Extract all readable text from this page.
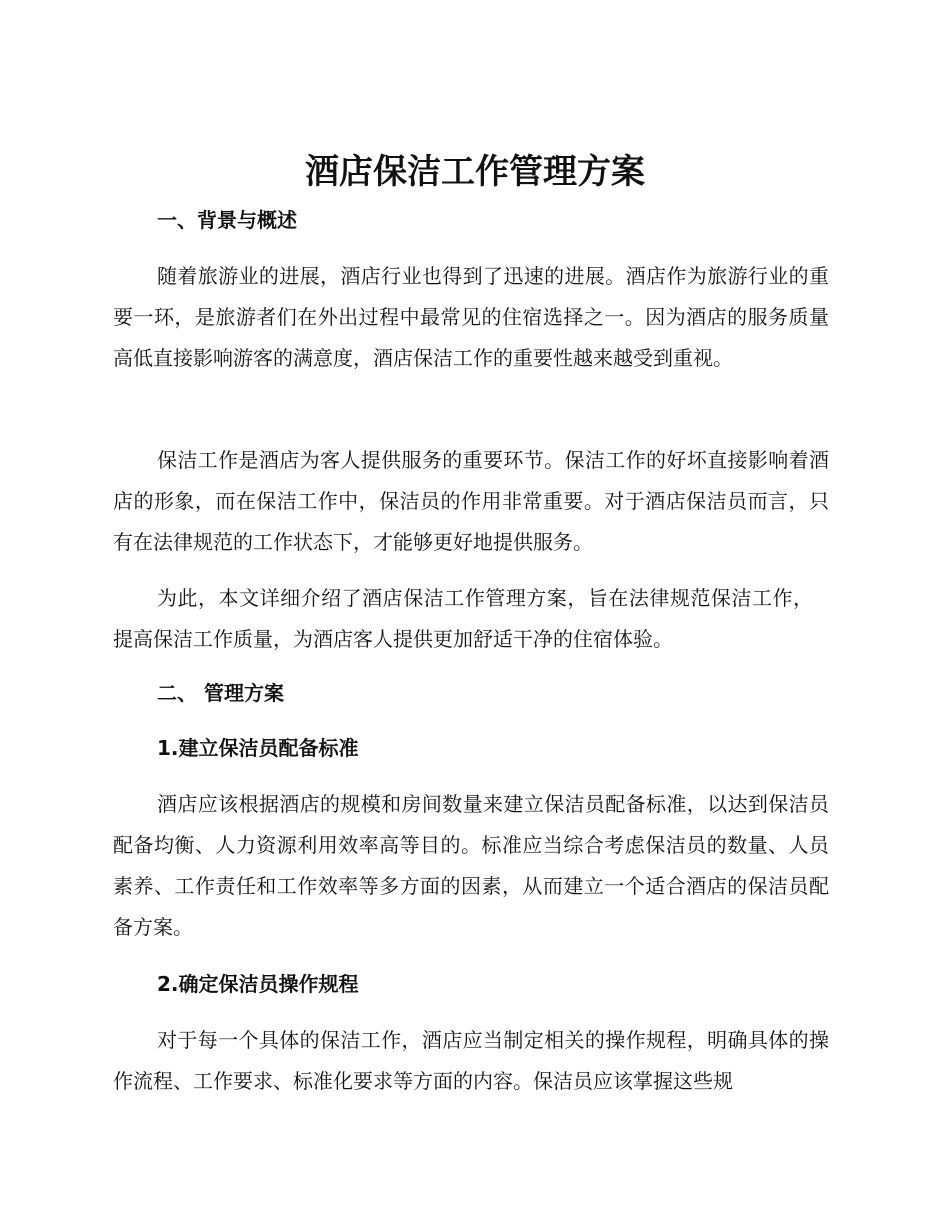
酒店保洁工作管理方案
一、背景与概述
随着旅游业的进展，酒店行业也得到了迅速的进展。酒店作为旅游行业的重要一环，是旅游者们在外出过程中最常见的住宿选择之一。因为酒店的服务质量高低直接影响游客的满意度，酒店保洁工作的重要性越来越受到重视。
保洁工作是酒店为客人提供服务的重要环节。保洁工作的好坏直接影响着酒店的形象，而在保洁工作中，保洁员的作用非常重要。对于酒店保洁员而言，只有在法律规范的工作状态下，才能够更好地提供服务。
为此，本文详细介绍了酒店保洁工作管理方案，旨在法律规范保洁工作，提高保洁工作质量，为酒店客人提供更加舒适干净的住宿体验。
二、 管理方案
1.建立保洁员配备标准
酒店应该根据酒店的规模和房间数量来建立保洁员配备标准，以达到保洁员配备均衡、人力资源利用效率高等目的。标准应当综合考虑保洁员的数量、人员素养、工作责任和工作效率等多方面的因素，从而建立一个适合酒店的保洁员配备方案。
2.确定保洁员操作规程
对于每一个具体的保洁工作，酒店应当制定相关的操作规程，明确具体的操作流程、工作要求、标准化要求等方面的内容。保洁员应该掌握这些规
